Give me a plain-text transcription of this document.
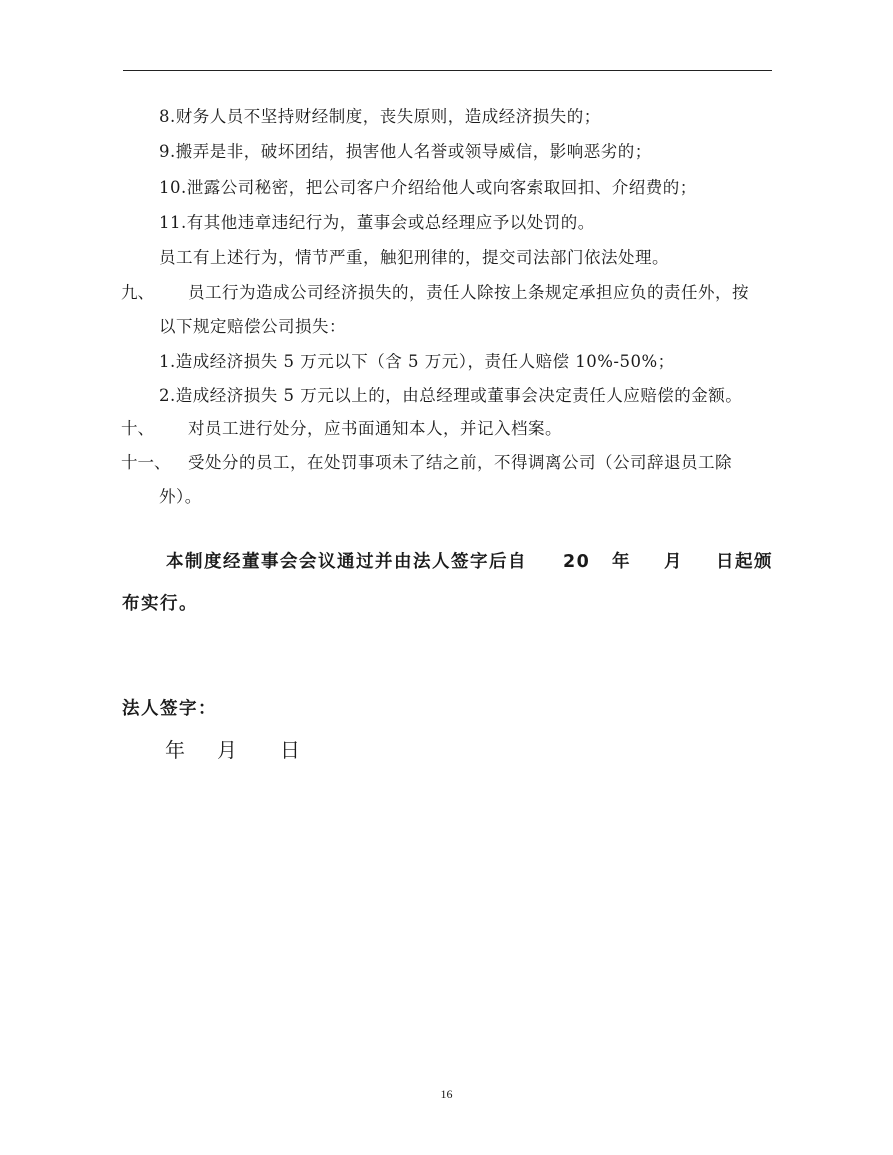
8.财务人员不坚持财经制度，丧失原则，造成经济损失的；
9.搬弄是非，破坏团结，损害他人名誉或领导威信，影响恶劣的；
10.泄露公司秘密，把公司客户介绍给他人或向客索取回扣、介绍费的；
11.有其他违章违纪行为，董事会或总经理应予以处罚的。
员工有上述行为，情节严重，触犯刑律的，提交司法部门依法处理。
九、 员工行为造成公司经济损失的，责任人除按上条规定承担应负的责任外，按
以下规定赔偿公司损失：
1.造成经济损失 5 万元以下（含 5 万元），责任人赔偿 10%-50%；
2.造成经济损失 5 万元以上的，由总经理或董事会决定责任人应赔偿的金额。
十、 对员工进行处分，应书面通知本人，并记入档案。
十一、 受处分的员工，在处罚事项未了结之前，不得调离公司（公司辞退员工除
外）。
本制度经董事会会议通过并由法人签字后自 20 年 月 日起颁
布实行。
法人签字：
年 月 日
16
